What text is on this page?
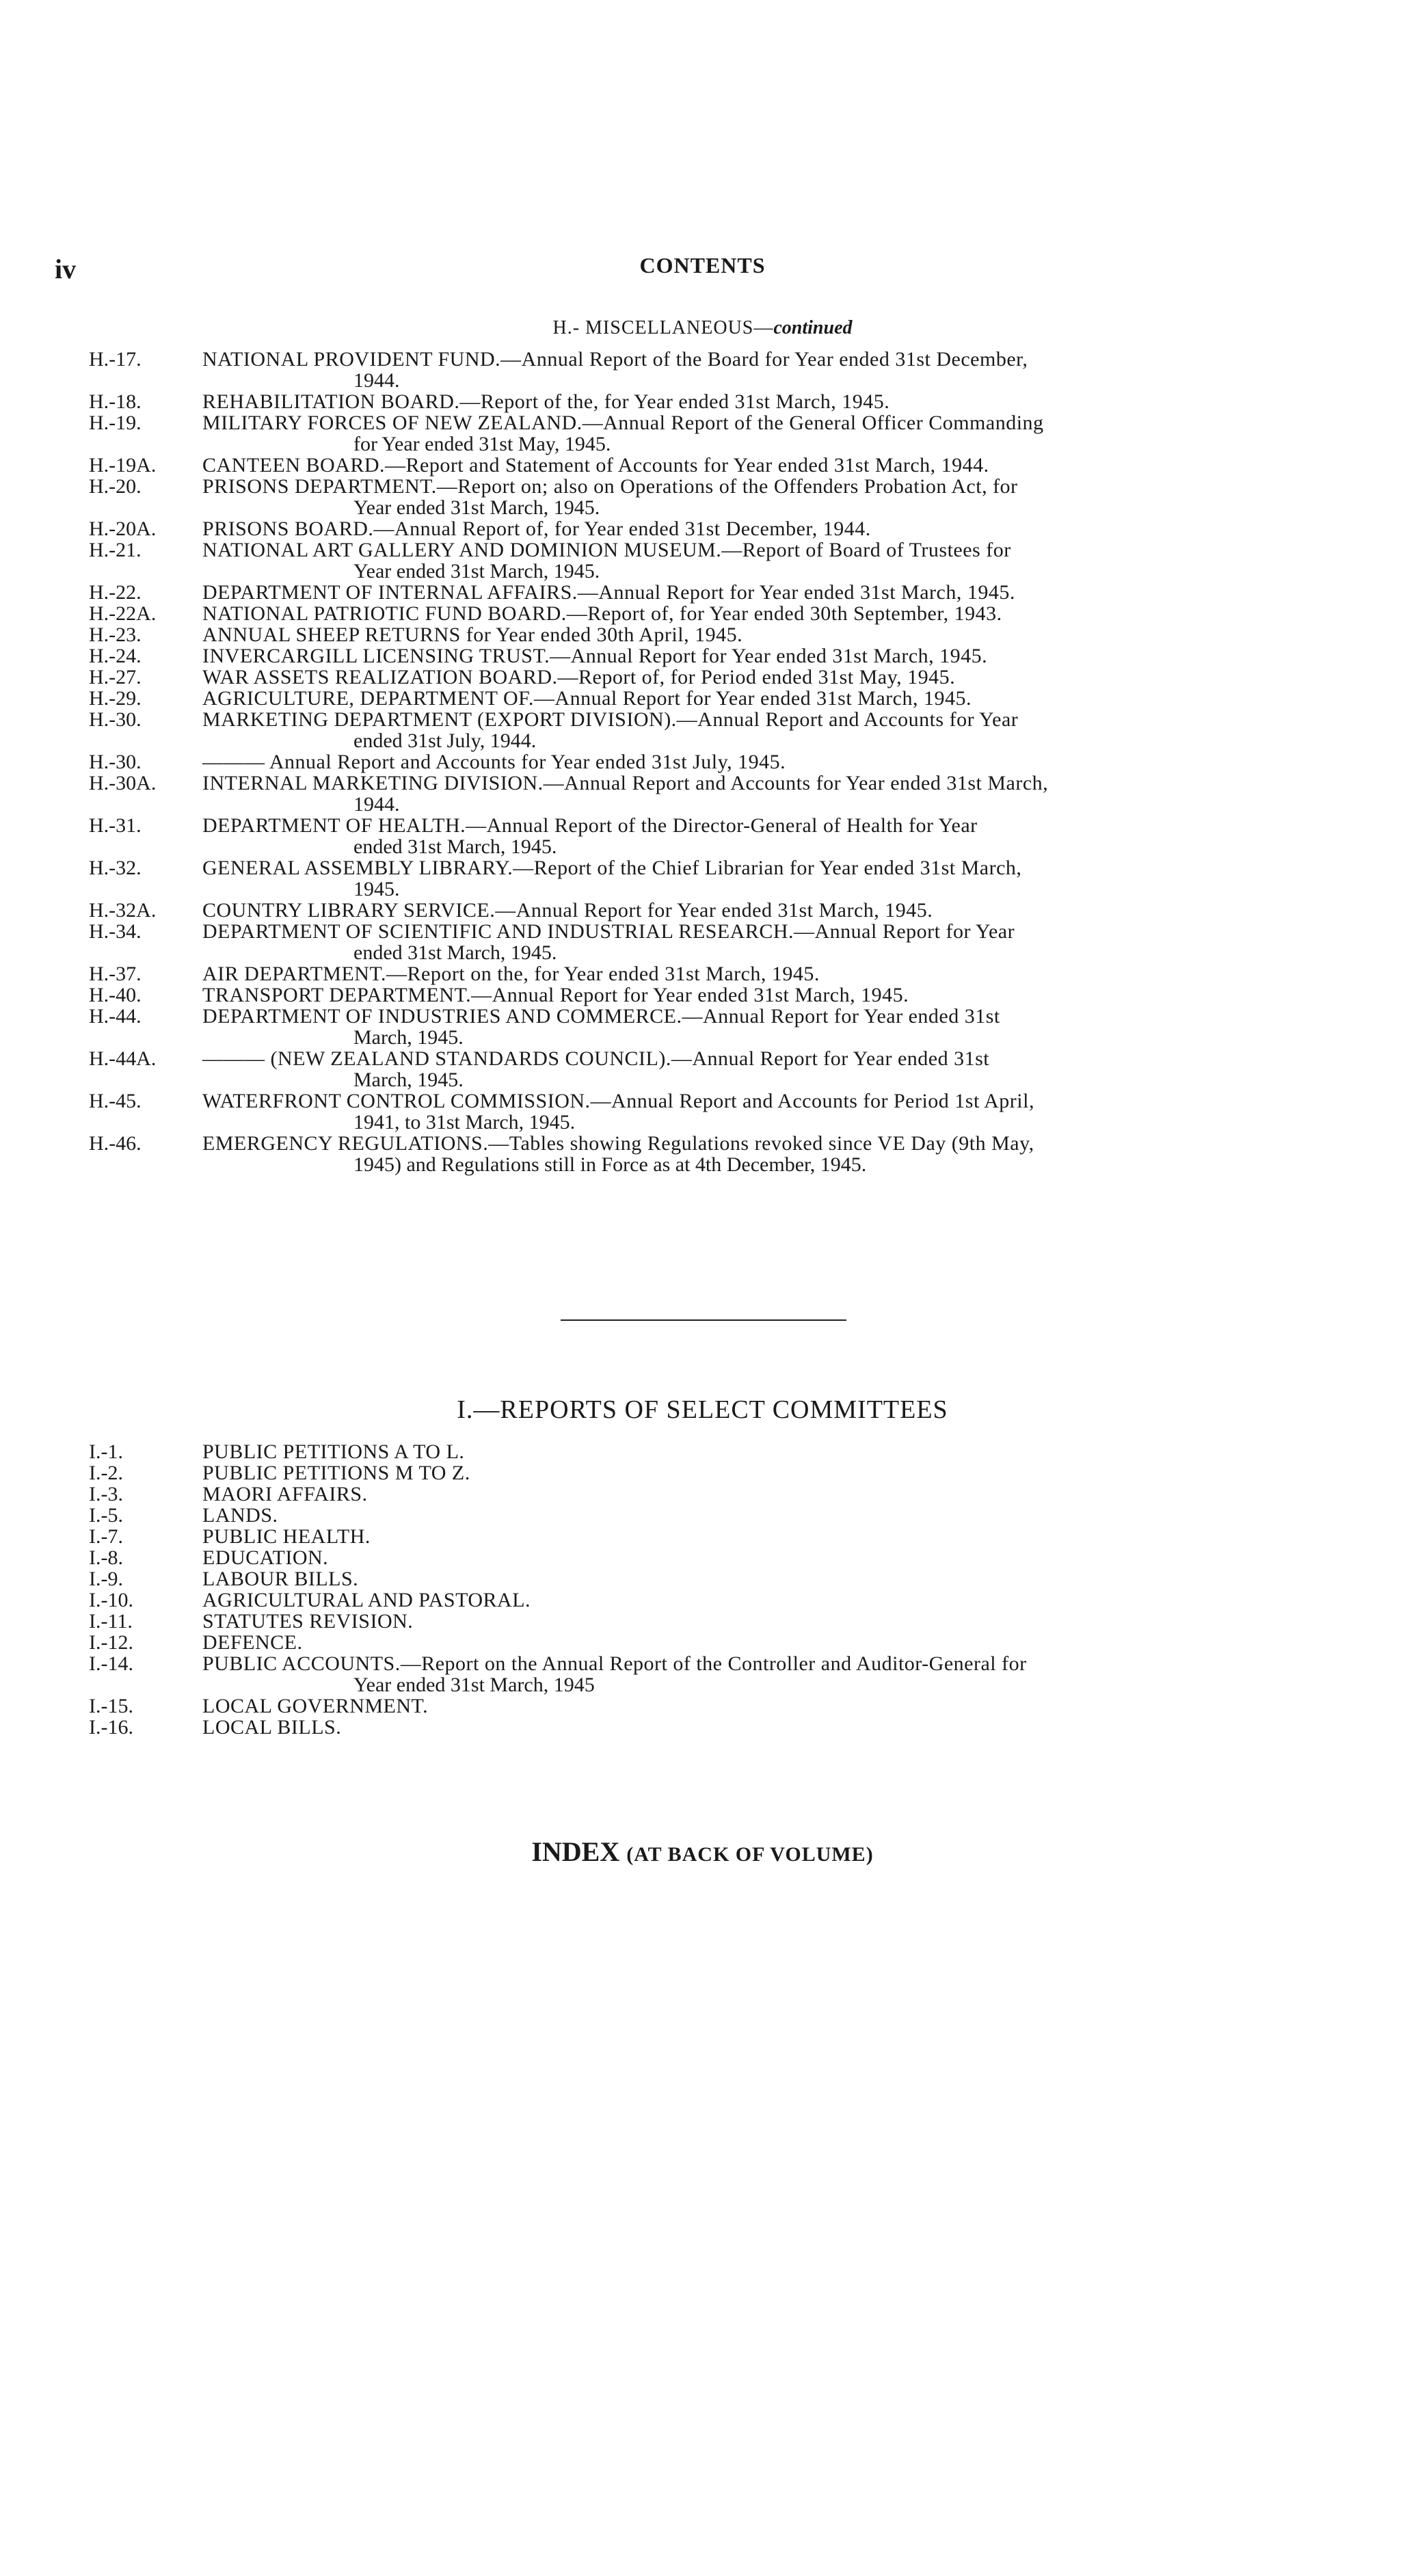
iv	CONTENTS
H.- MISCELLANEOUS—continued
H.-17.	NATIONAL PROVIDENT FUND.—Annual Report of the Board for Year ended 31st December,
1944.
H.-18.	REHABILITATION BOARD.—Report of the, for Year ended 31st March, 1945.
H.-19.	MILITARY FORCES OF NEW ZEALAND.—Annual Report of the General Officer Commanding
for Year ended 31st May, 1945.
H.-19A.	CANTEEN BOARD.—Report and Statement of Accounts for Year ended 31st March, 1944.
H.-20.	PRISONS DEPARTMENT.—Report on; also on Operations of the Offenders Probation Act, for
Year ended 31st March, 1945.
H.-20A.	PRISONS BOARD.—Annual Report of, for Year ended 31st December, 1944.
H.-21.	NATIONAL ART GALLERY AND DOMINION MUSEUM.—Report of Board of Trustees for
Year ended 31st March, 1945.
H.-22.	DEPARTMENT OF INTERNAL AFFAIRS.—Annual Report for Year ended 31st March, 1945.
H.-22A.	NATIONAL PATRIOTIC FUND BOARD.—Report of, for Year ended 30th September, 1943.
H.-23.	ANNUAL SHEEP RETURNS for Year ended 30th April, 1945.
H.-24.	INVERCARGILL LICENSING TRUST.—Annual Report for Year ended 31st March, 1945.
H.-27.	WAR ASSETS REALIZATION BOARD.—Report of, for Period ended 31st May, 1945.
H.-29.	AGRICULTURE, DEPARTMENT OF.—Annual Report for Year ended 31st March, 1945.
H.-30.	MARKETING DEPARTMENT (EXPORT DIVISION).—Annual Report and Accounts for Year
ended 31st July, 1944.
H.-30.	——— Annual Report and Accounts for Year ended 31st July, 1945.
H.-30A.	INTERNAL MARKETING DIVISION.—Annual Report and Accounts for Year ended 31st March,
1944.
H.-31.	DEPARTMENT OF HEALTH.—Annual Report of the Director-General of Health for Year
ended 31st March, 1945.
H.-32.	GENERAL ASSEMBLY LIBRARY.—Report of the Chief Librarian for Year ended 31st March,
1945.
H.-32A.	COUNTRY LIBRARY SERVICE.—Annual Report for Year ended 31st March, 1945.
H.-34.	DEPARTMENT OF SCIENTIFIC AND INDUSTRIAL RESEARCH.—Annual Report for Year
ended 31st March, 1945.
H.-37.	AIR DEPARTMENT.—Report on the, for Year ended 31st March, 1945.
H.-40.	TRANSPORT DEPARTMENT.—Annual Report for Year ended 31st March, 1945.
H.-44.	DEPARTMENT OF INDUSTRIES AND COMMERCE.—Annual Report for Year ended 31st
March, 1945.
H.-44A.	——— (NEW ZEALAND STANDARDS COUNCIL).—Annual Report for Year ended 31st
March, 1945.
H.-45.	WATERFRONT CONTROL COMMISSION.—Annual Report and Accounts for Period 1st April,
1941, to 31st March, 1945.
H.-46.	EMERGENCY REGULATIONS.—Tables showing Regulations revoked since VE Day (9th May,
1945) and Regulations still in Force as at 4th December, 1945.
I.—REPORTS OF SELECT COMMITTEES
I.-1.	PUBLIC PETITIONS A TO L.
I.-2.	PUBLIC PETITIONS M TO Z.
I.-3.	MAORI AFFAIRS.
I.-5.	LANDS.
I.-7.	PUBLIC HEALTH.
I.-8.	EDUCATION.
I.-9.	LABOUR BILLS.
I.-10.	AGRICULTURAL AND PASTORAL.
I.-11.	STATUTES REVISION.
I.-12.	DEFENCE.
I.-14.	PUBLIC ACCOUNTS.—Report on the Annual Report of the Controller and Auditor-General for
Year ended 31st March, 1945
I.-15.	LOCAL GOVERNMENT.
I.-16.	LOCAL BILLS.
INDEX (AT BACK OF VOLUME)
